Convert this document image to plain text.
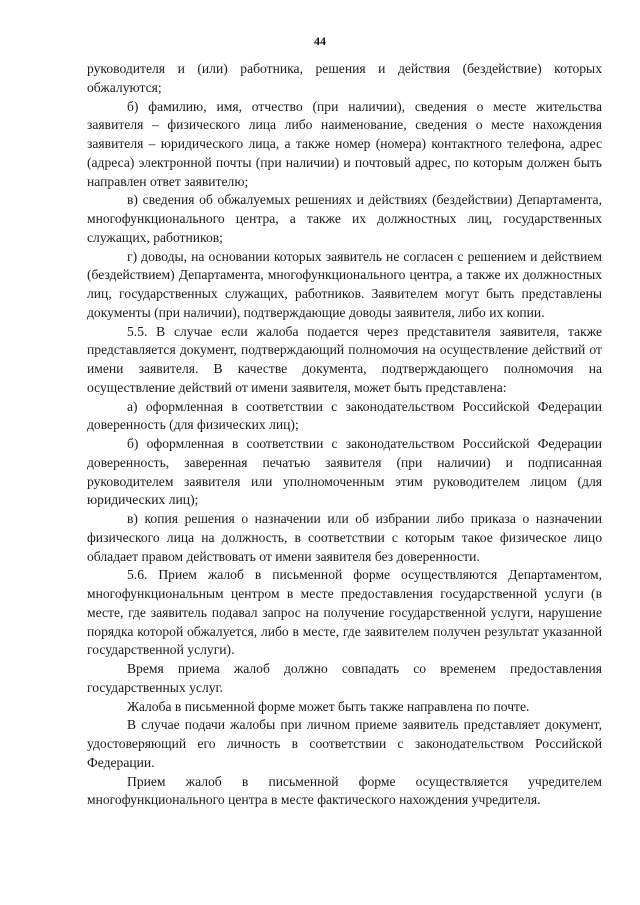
44

руководителя и (или) работника, решения и действия (бездействие) которых обжалуются;

б) фамилию, имя, отчество (при наличии), сведения о месте жительства заявителя – физического лица либо наименование, сведения о месте нахождения заявителя – юридического лица, а также номер (номера) контактного телефона, адрес (адреса) электронной почты (при наличии) и почтовый адрес, по которым должен быть направлен ответ заявителю;

в) сведения об обжалуемых решениях и действиях (бездействии) Департамента, многофункционального центра, а также их должностных лиц, государственных служащих, работников;

г) доводы, на основании которых заявитель не согласен с решением и действием (бездействием) Департамента, многофункционального центра, а также их должностных лиц, государственных служащих, работников. Заявителем могут быть представлены документы (при наличии), подтверждающие доводы заявителя, либо их копии.

5.5. В случае если жалоба подается через представителя заявителя, также представляется документ, подтверждающий полномочия на осуществление действий от имени заявителя. В качестве документа, подтверждающего полномочия на осуществление действий от имени заявителя, может быть представлена:

а) оформленная в соответствии с законодательством Российской Федерации доверенность (для физических лиц);

б) оформленная в соответствии с законодательством Российской Федерации доверенность, заверенная печатью заявителя (при наличии) и подписанная руководителем заявителя или уполномоченным этим руководителем лицом (для юридических лиц);

в) копия решения о назначении или об избрании либо приказа о назначении физического лица на должность, в соответствии с которым такое физическое лицо обладает правом действовать от имени заявителя без доверенности.

5.6. Прием жалоб в письменной форме осуществляются Департаментом, многофункциональным центром в месте предоставления государственной услуги (в месте, где заявитель подавал запрос на получение государственной услуги, нарушение порядка которой обжалуется, либо в месте, где заявителем получен результат указанной государственной услуги).

Время приема жалоб должно совпадать со временем предоставления государственных услуг.

Жалоба в письменной форме может быть также направлена по почте.

В случае подачи жалобы при личном приеме заявитель представляет документ, удостоверяющий его личность в соответствии с законодательством Российской Федерации.

Прием жалоб в письменной форме осуществляется учредителем многофункционального центра в месте фактического нахождения учредителя.
